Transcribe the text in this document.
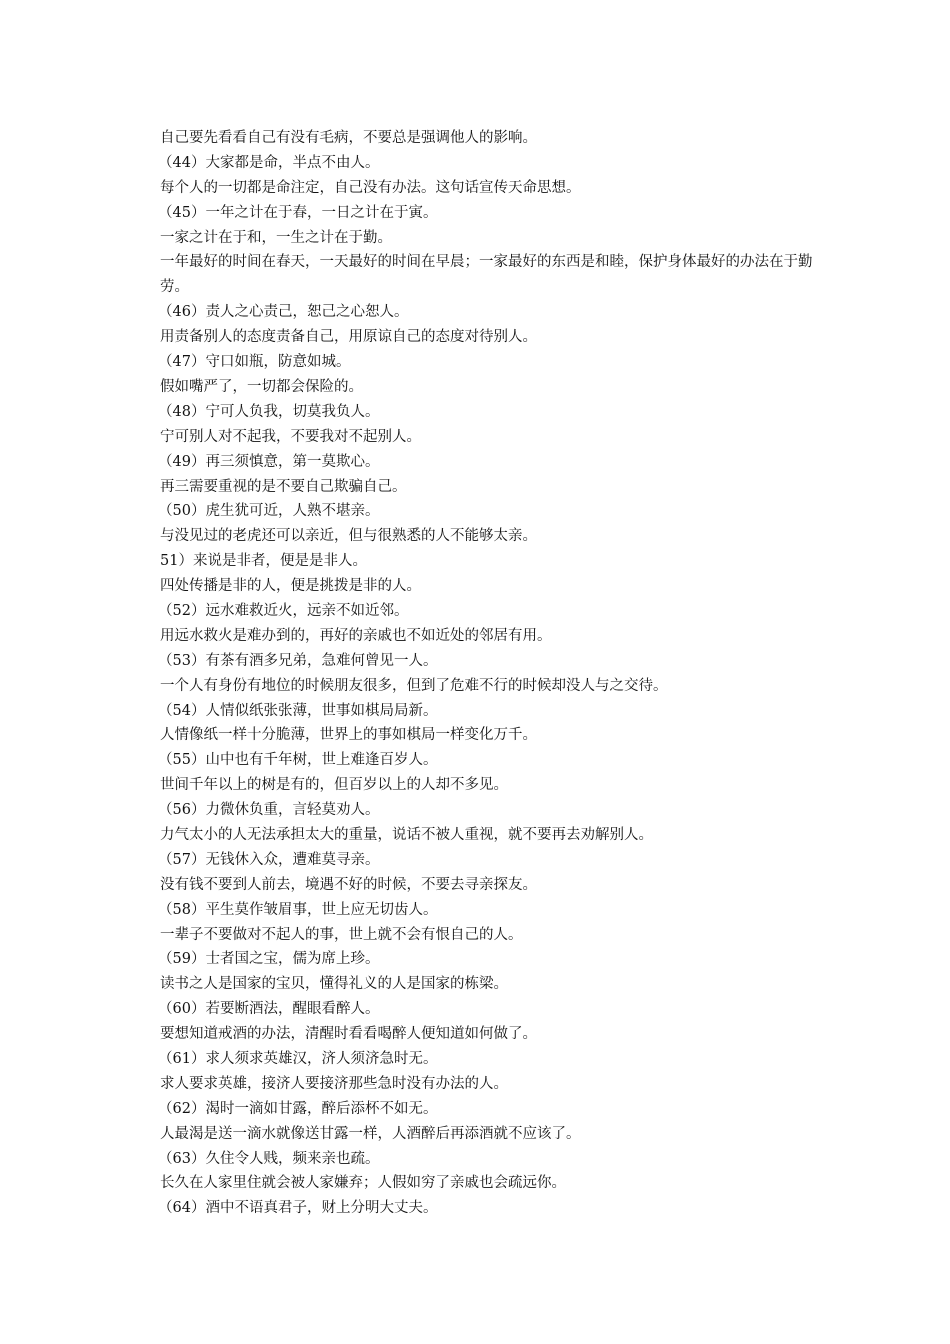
自己要先看看自己有没有毛病，不要总是强调他人的影响。

（44）大家都是命，半点不由人。

每个人的一切都是命注定，自己没有办法。这句话宣传天命思想。

（45）一年之计在于春，一日之计在于寅。

一家之计在于和，一生之计在于勤。

一年最好的时间在春天，一天最好的时间在早晨；一家最好的东西是和睦，保护身体最好的办法在于勤劳。

（46）责人之心责己，恕己之心恕人。

用责备别人的态度责备自己，用原谅自己的态度对待别人。

（47）守口如瓶，防意如城。

假如嘴严了，一切都会保险的。

（48）宁可人负我，切莫我负人。

宁可别人对不起我，不要我对不起别人。

（49）再三须慎意，第一莫欺心。

再三需要重视的是不要自己欺骗自己。

（50）虎生犹可近，人熟不堪亲。

与没见过的老虎还可以亲近，但与很熟悉的人不能够太亲。

51）来说是非者，便是是非人。

四处传播是非的人，便是挑拨是非的人。

（52）远水难救近火，远亲不如近邻。

用远水救火是难办到的，再好的亲戚也不如近处的邻居有用。

（53）有茶有酒多兄弟，急难何曾见一人。

一个人有身份有地位的时候朋友很多，但到了危难不行的时候却没人与之交待。

（54）人情似纸张张薄，世事如棋局局新。

人情像纸一样十分脆薄，世界上的事如棋局一样变化万千。

（55）山中也有千年树，世上难逢百岁人。

世间千年以上的树是有的，但百岁以上的人却不多见。

（56）力微休负重，言轻莫劝人。

力气太小的人无法承担太大的重量，说话不被人重视，就不要再去劝解别人。

（57）无钱休入众，遭难莫寻亲。

没有钱不要到人前去，境遇不好的时候，不要去寻亲探友。

（58）平生莫作皱眉事，世上应无切齿人。

一辈子不要做对不起人的事，世上就不会有恨自己的人。

（59）士者国之宝，儒为席上珍。

读书之人是国家的宝贝，懂得礼义的人是国家的栋梁。

（60）若要断酒法，醒眼看醉人。

要想知道戒酒的办法，清醒时看看喝醉人便知道如何做了。

（61）求人须求英雄汉，济人须济急时无。

求人要求英雄，接济人要接济那些急时没有办法的人。

（62）渴时一滴如甘露，醉后添杯不如无。

人最渴是送一滴水就像送甘露一样，人酒醉后再添酒就不应该了。

（63）久住令人贱，频来亲也疏。

长久在人家里住就会被人家嫌弃；人假如穷了亲戚也会疏远你。

（64）酒中不语真君子，财上分明大丈夫。
